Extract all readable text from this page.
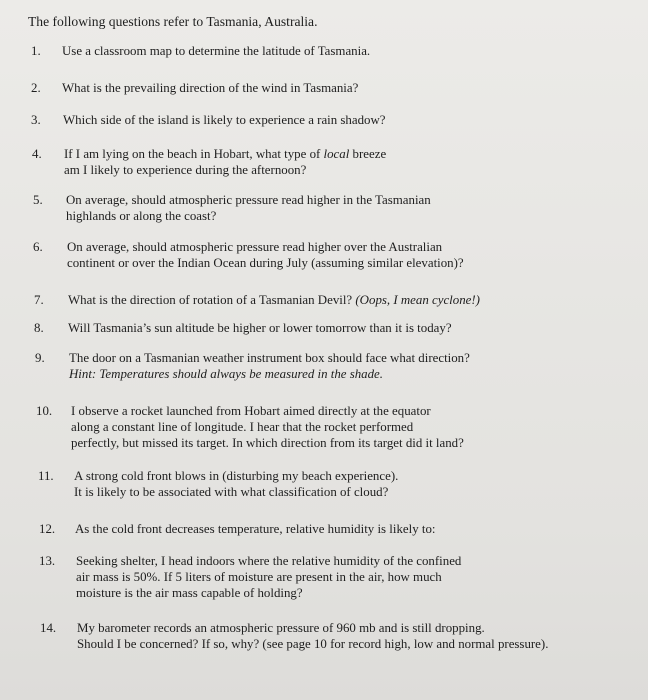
The following questions refer to Tasmania, Australia.
1. Use a classroom map to determine the latitude of Tasmania.
2. What is the prevailing direction of the wind in Tasmania?
3. Which side of the island is likely to experience a rain shadow?
4. If I am lying on the beach in Hobart, what type of local breeze
am I likely to experience during the afternoon?
5. On average, should atmospheric pressure read higher in the Tasmanian
highlands or along the coast?
6. On average, should atmospheric pressure read higher over the Australian
continent or over the Indian Ocean during July (assuming similar elevation)?
7. What is the direction of rotation of a Tasmanian Devil? (Oops, I mean cyclone!)
8. Will Tasmania’s sun altitude be higher or lower tomorrow than it is today?
9. The door on a Tasmanian weather instrument box should face what direction?
Hint: Temperatures should always be measured in the shade.
10. I observe a rocket launched from Hobart aimed directly at the equator
along a constant line of longitude. I hear that the rocket performed
perfectly, but missed its target. In which direction from its target did it land?
11. A strong cold front blows in (disturbing my beach experience).
It is likely to be associated with what classification of cloud?
12. As the cold front decreases temperature, relative humidity is likely to:
13. Seeking shelter, I head indoors where the relative humidity of the confined
air mass is 50%. If 5 liters of moisture are present in the air, how much
moisture is the air mass capable of holding?
14. My barometer records an atmospheric pressure of 960 mb and is still dropping.
Should I be concerned? If so, why? (see page 10 for record high, low and normal pressure).
